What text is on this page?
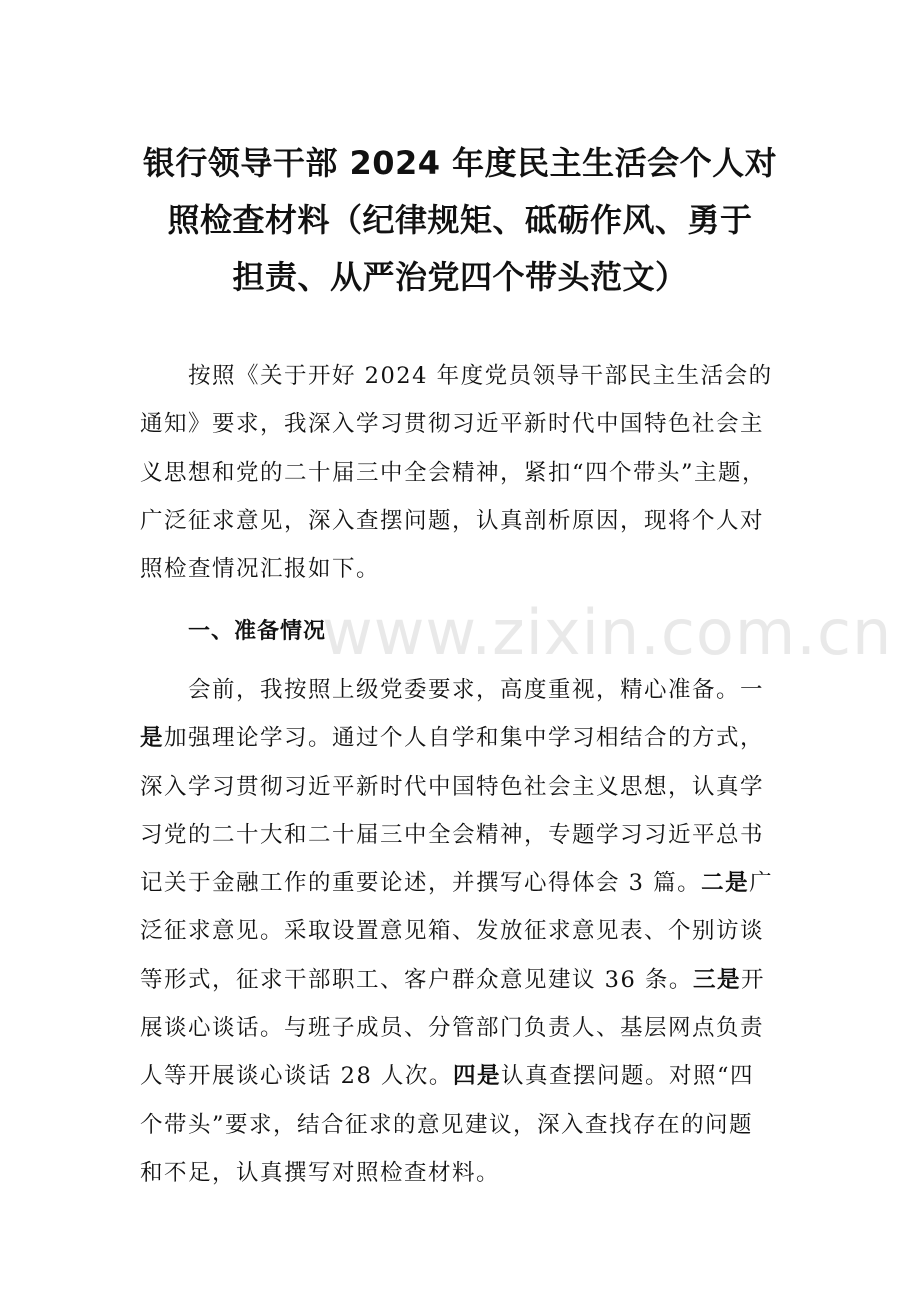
银行领导干部 2024 年度民主生活会个人对
照检查材料（纪律规矩、砥砺作风、勇于
担责、从严治党四个带头范文）

按照《关于开好 2024 年度党员领导干部民主生活会的
通知》要求，我深入学习贯彻习近平新时代中国特色社会主
义思想和党的二十届三中全会精神，紧扣“四个带头”主题，
广泛征求意见，深入查摆问题，认真剖析原因，现将个人对
照检查情况汇报如下。

一、准备情况
www.zixin.com.cn

会前，我按照上级党委要求，高度重视，精心准备。一
是加强理论学习。通过个人自学和集中学习相结合的方式，
深入学习贯彻习近平新时代中国特色社会主义思想，认真学
习党的二十大和二十届三中全会精神，专题学习习近平总书
记关于金融工作的重要论述，并撰写心得体会 3 篇。二是广
泛征求意见。采取设置意见箱、发放征求意见表、个别访谈
等形式，征求干部职工、客户群众意见建议 36 条。三是开
展谈心谈话。与班子成员、分管部门负责人、基层网点负责
人等开展谈心谈话 28 人次。四是认真查摆问题。对照“四
个带头”要求，结合征求的意见建议，深入查找存在的问题
和不足，认真撰写对照检查材料。
